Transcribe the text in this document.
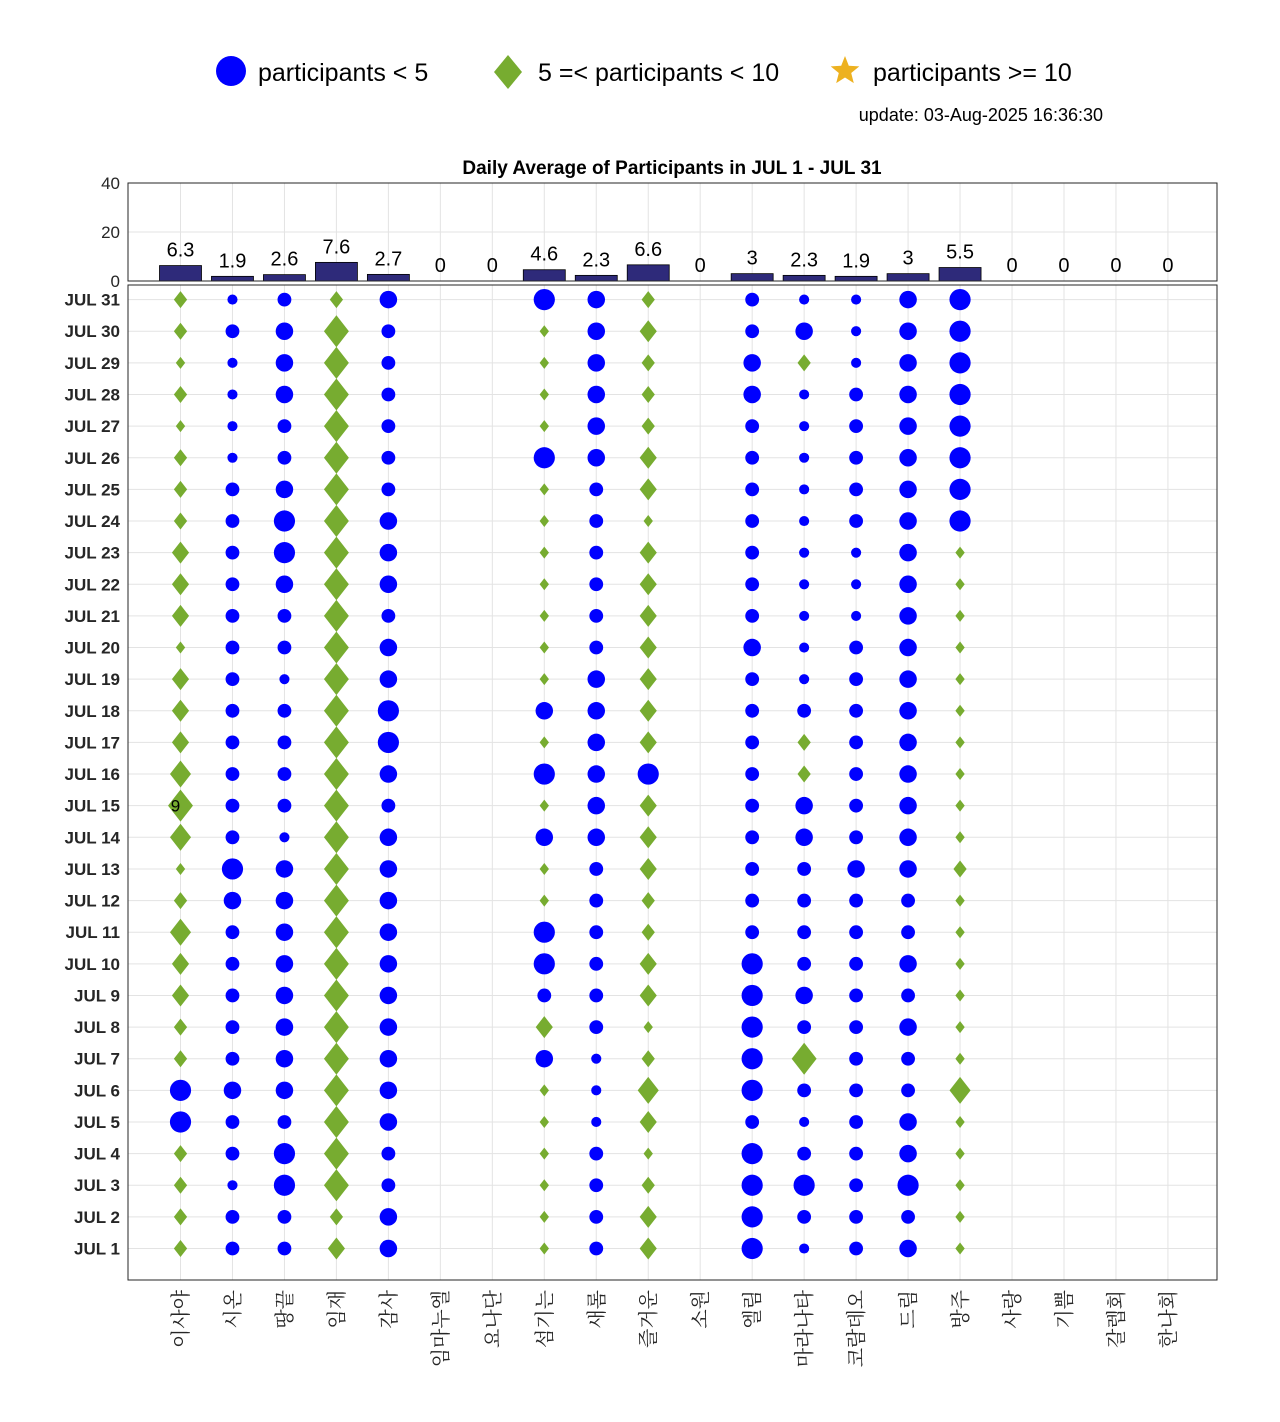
participants < 5	5 =< participants < 10	participants >= 10
update: 03-Aug-2025 16:36:30
Daily Average of Participants in JUL 1 - JUL 31
6.3 1.9 2.6
7.6
2.7 0 0
4.6 2.3 6.6
0 3 2.3 1.9 3 5.5
0 0 0 0
0
20
40
9
JUL 1
JUL 2
JUL 3
JUL 4
JUL 5
JUL 6
JUL 7
JUL 8
JUL 9
JUL 10
JUL 11
JUL 12
JUL 13
JUL 14
JUL 15
JUL 16
JUL 17
JUL 18
JUL 19
JUL 20
JUL 21
JUL 22
JUL 23
JUL 24
JUL 25
JUL 26
JUL 27
JUL 28
JUL 29
JUL 30
JUL 31
이사야 시온 땅끝 임재 감사 임마누엘 요나단 섬기는 새롬 즐거운 소원 엘림 마라나타 코람데오 드림 방주 사랑 기쁨 갈렙회 한나회
